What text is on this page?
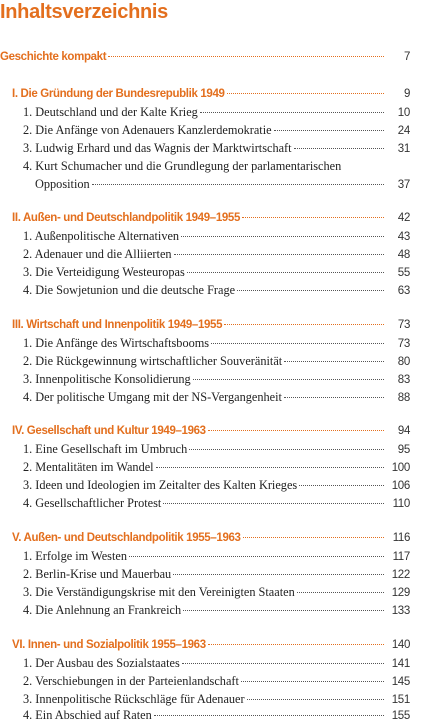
Inhaltsverzeichnis
Geschichte kompakt	7
I. Die Gründung der Bundesrepublik 1949	9
1. Deutschland und der Kalte Krieg	10
2. Die Anfänge von Adenauers Kanzlerdemokratie	24
3. Ludwig Erhard und das Wagnis der Marktwirtschaft	31
4. Kurt Schumacher und die Grundlegung der parlamentarischen
Opposition	37
II. Außen- und Deutschlandpolitik 1949–1955	42
1. Außenpolitische Alternativen	43
2. Adenauer und die Alliierten	48
3. Die Verteidigung Westeuropas	55
4. Die Sowjetunion und die deutsche Frage	63
III. Wirtschaft und Innenpolitik 1949–1955	73
1. Die Anfänge des Wirtschaftsbooms	73
2. Die Rückgewinnung wirtschaftlicher Souveränität	80
3. Innenpolitische Konsolidierung	83
4. Der politische Umgang mit der NS-Vergangenheit	88
IV. Gesellschaft und Kultur 1949–1963	94
1. Eine Gesellschaft im Umbruch	95
2. Mentalitäten im Wandel	100
3. Ideen und Ideologien im Zeitalter des Kalten Krieges	106
4. Gesellschaftlicher Protest	110
V. Außen- und Deutschlandpolitik 1955–1963	116
1. Erfolge im Westen	117
2. Berlin-Krise und Mauerbau	122
3. Die Verständigungskrise mit den Vereinigten Staaten	129
4. Die Anlehnung an Frankreich	133
VI. Innen- und Sozialpolitik 1955–1963	140
1. Der Ausbau des Sozialstaates	141
2. Verschiebungen in der Parteienlandschaft	145
3. Innenpolitische Rückschläge für Adenauer	151
4. Ein Abschied auf Raten	155
